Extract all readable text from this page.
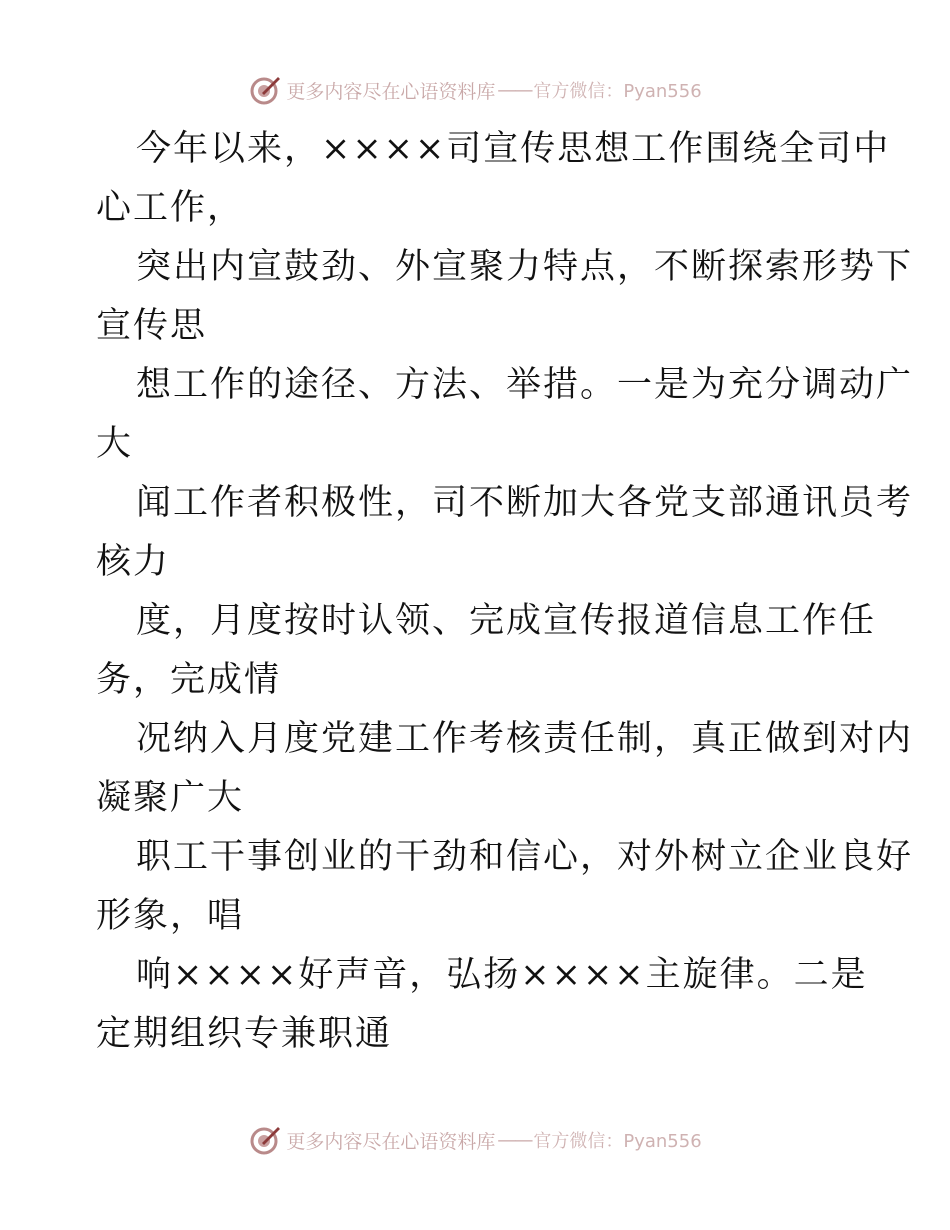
更多内容尽在心语资料库 —— 官方微信：Pyan556
今年以来，××××司宣传思想工作围绕全司中
心工作，
突出内宣鼓劲、外宣聚力特点，不断探索形势下
宣传思
想工作的途径、方法、举措。一是为充分调动广
大
闻工作者积极性，司不断加大各党支部通讯员考
核力
度，月度按时认领、完成宣传报道信息工作任
务，完成情
况纳入月度党建工作考核责任制，真正做到对内
凝聚广大
职工干事创业的干劲和信心，对外树立企业良好
形象，唱
响××××好声音，弘扬××××主旋律。二是
定期组织专兼职通
更多内容尽在心语资料库 —— 官方微信：Pyan556
